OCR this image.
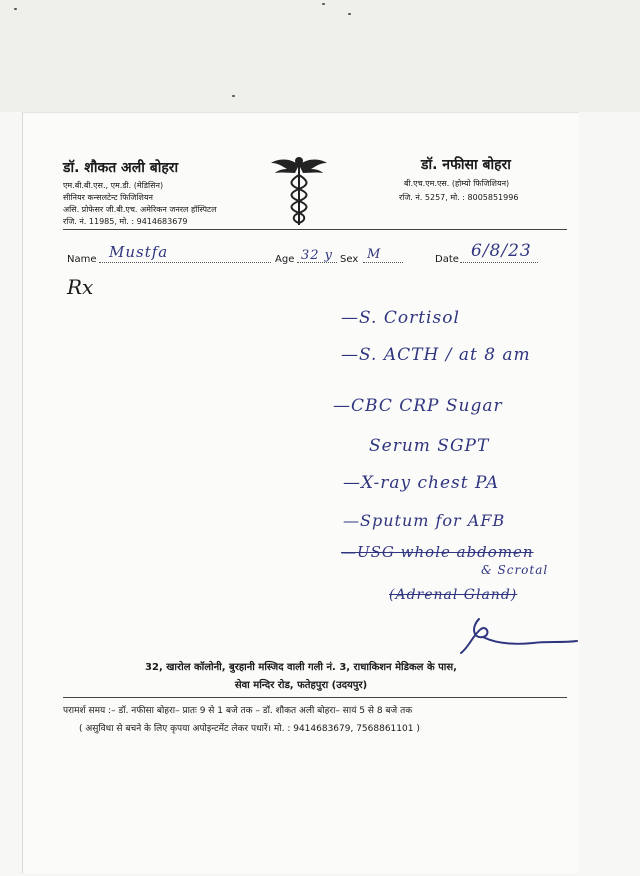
डॉ. शौकत अली बोहरा
एम.बी.बी.एस., एम.डी. (मेडिसिन)
सीनियर कन्सलटेन्ट फिजिशियन
असि. प्रोफेसर जी.बी.एच. अमेरिकन जनरल हॉस्पिटल
रजि. नं. 11985, मो. : 9414683679
डॉ. नफीसा बोहरा
बी.एच.एम.एस. (होम्यो फिजिशियन)
रजि. नं. 5257, मो. : 8005851996
Name Mustfa	Age 32 y Sex M	Date 6/8/23
Rx
—S. Cortisol
—S. ACTH / at 8 am
—CBC CRP Sugar
Serum SGPT
—X-ray chest PA
—Sputum for AFB
—USG whole abdomen
& Scrotal
(Adrenal Gland)
32, खारोल कॉलोनी, बुरहानी मस्जिद वाली गली नं. 3, राधाकिशन मेडिकल के पास,
सेवा मन्दिर रोड, फतेहपुरा (उदयपुर)
परामर्श समय :– डॉ. नफीसा बोहरा– प्रातः 9 से 1 बजे तक – डॉ. शौकत अली बोहरा– सायं 5 से 8 बजे तक
( असुविधा से बचने के लिए कृपया अपोइन्टमेंट लेकर पधारें। मो. : 9414683679, 7568861101 )
